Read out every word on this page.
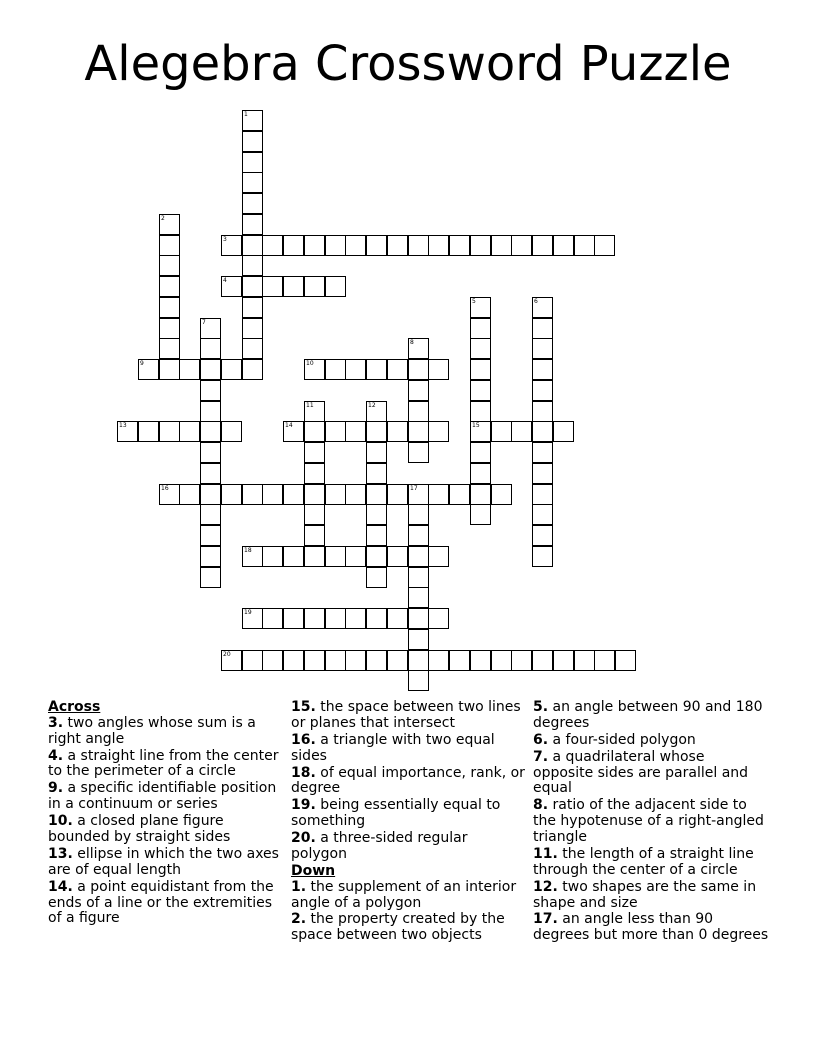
Alegebra Crossword Puzzle
1
2
3
4
5	6
7
8
9	10
11	12
13	14	15
16	17
18
19
20
Across
3. two angles whose sum is a right angle
4. a straight line from the center to the perimeter of a circle
9. a specific identifiable position in a continuum or series
10. a closed plane figure bounded by straight sides
13. ellipse in which the two axes are of equal length
14. a point equidistant from the ends of a line or the extremities of a figure
15. the space between two lines or planes that intersect
16. a triangle with two equal sides
18. of equal importance, rank, or degree
19. being essentially equal to something
20. a three-sided regular polygon
Down
1. the supplement of an interior angle of a polygon
2. the property created by the space between two objects
5. an angle between 90 and 180 degrees
6. a four-sided polygon
7. a quadrilateral whose opposite sides are parallel and equal
8. ratio of the adjacent side to the hypotenuse of a right-angled triangle
11. the length of a straight line through the center of a circle
12. two shapes are the same in shape and size
17. an angle less than 90 degrees but more than 0 degrees
